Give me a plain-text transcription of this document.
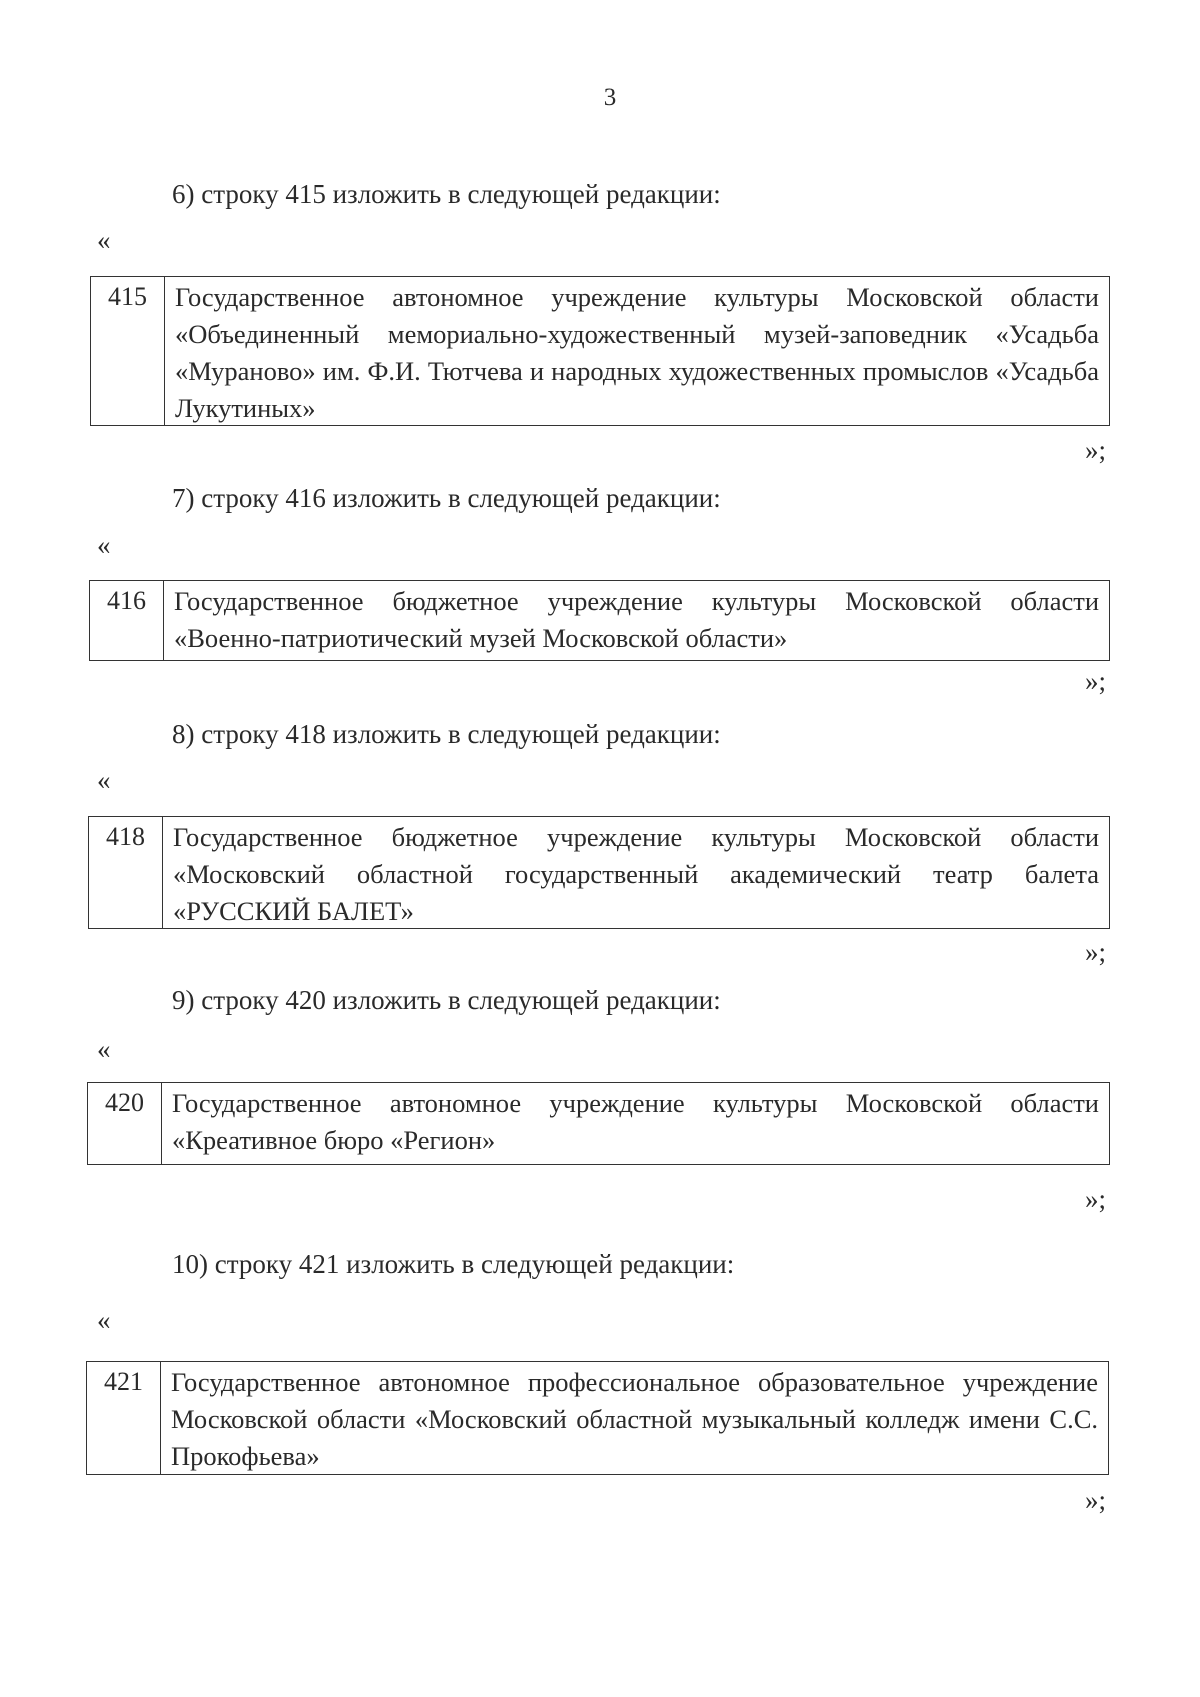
3
6) строку 415 изложить в следующей редакции:
«
415	Государственное автономное учреждение культуры Московской области «Объединенный мемориально-художественный музей-заповедник «Усадьба «Мураново» им. Ф.И. Тютчева и народных художественных промыслов «Усадьба Лукутиных»
»;
7) строку 416 изложить в следующей редакции:
«
416	Государственное бюджетное учреждение культуры Московской области «Военно-патриотический музей Московской области»
»;
8) строку 418 изложить в следующей редакции:
«
418	Государственное бюджетное учреждение культуры Московской области «Московский областной государственный академический театр балета «РУССКИЙ БАЛЕТ»
»;
9) строку 420 изложить в следующей редакции:
«
420	Государственное автономное учреждение культуры Московской области «Креативное бюро «Регион»
»;
10) строку 421 изложить в следующей редакции:
«
421	Государственное автономное профессиональное образовательное учреждение Московской области «Московский областной музыкальный колледж имени С.С. Прокофьева»
»;
